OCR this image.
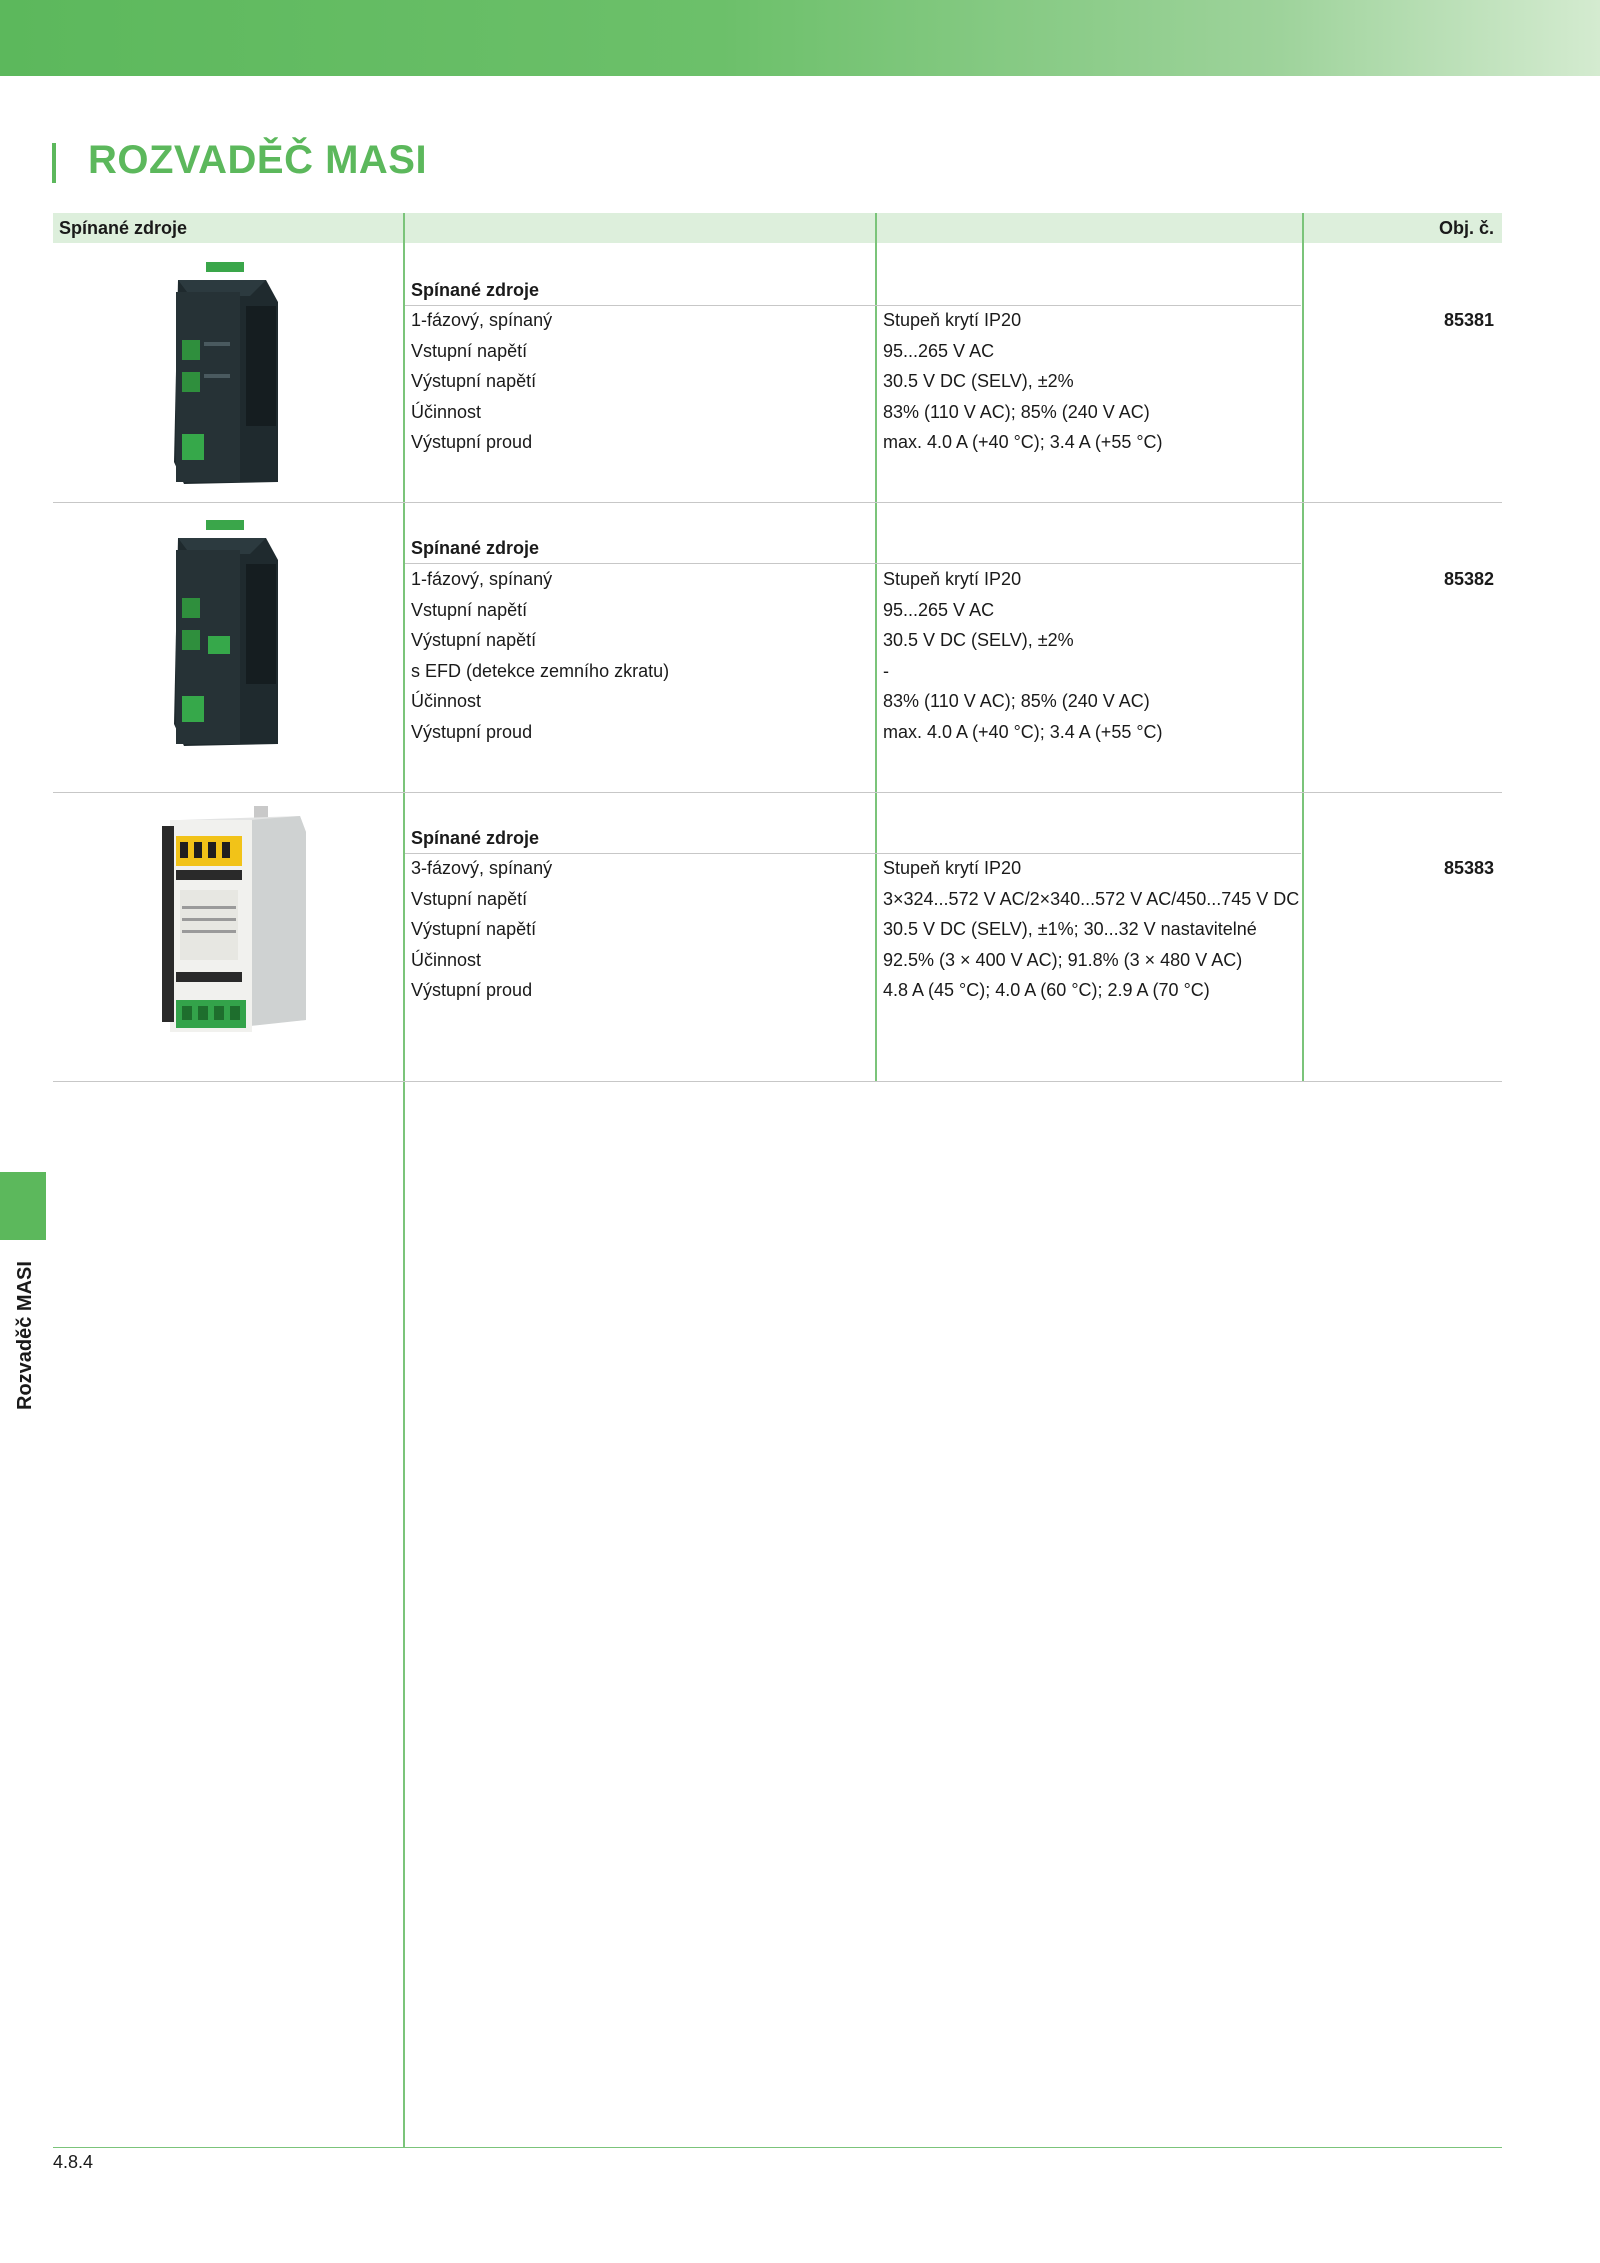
ROZVADĚČ MASI
Spínané zdroje	Obj. č.
Spínané zdroje
1-fázový, spínaný
Vstupní napětí
Výstupní napětí
Účinnost
Výstupní proud
Stupeň krytí IP20
95...265 V AC
30.5 V DC (SELV), ±2%
83% (110 V AC); 85% (240 V AC)
max. 4.0 A (+40 °C); 3.4 A (+55 °C)
85381
Spínané zdroje
1-fázový, spínaný
Vstupní napětí
Výstupní napětí
s EFD (detekce zemního zkratu)
Účinnost
Výstupní proud
Stupeň krytí IP20
95...265 V AC
30.5 V DC (SELV), ±2%
-
83% (110 V AC); 85% (240 V AC)
max. 4.0 A (+40 °C); 3.4 A (+55 °C)
85382
Spínané zdroje
3-fázový, spínaný
Vstupní napětí
Výstupní napětí
Účinnost
Výstupní proud
Stupeň krytí IP20
3×324...572 V AC/2×340...572 V AC/450...745 V DC
30.5 V DC (SELV), ±1%; 30...32 V nastavitelné
92.5% (3 × 400 V AC); 91.8% (3 × 480 V AC)
4.8 A (45 °C); 4.0 A (60 °C); 2.9 A (70 °C)
85383
Rozvaděč MASI
4.8.4
